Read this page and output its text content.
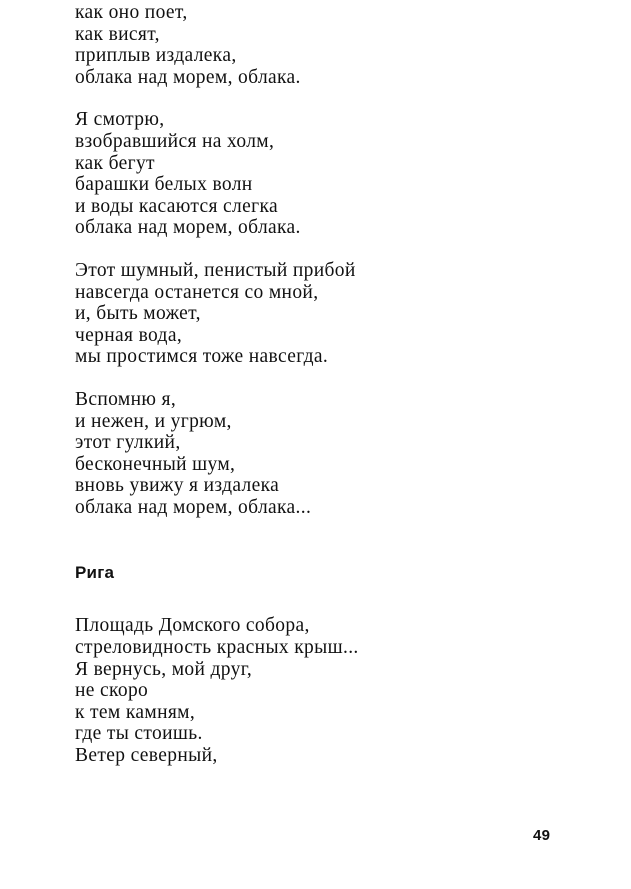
как оно поет,
как висят,
приплыв издалека,
облака над морем, облака.
Я смотрю,
взобравшийся на холм,
как бегут
барашки белых волн
и воды касаются слегка
облака над морем, облака.
Этот шумный, пенистый прибой
навсегда останется со мной,
и, быть может,
черная вода,
мы простимся тоже навсегда.
Вспомню я,
и нежен, и угрюм,
этот гулкий,
бесконечный шум,
вновь увижу я издалека
облака над морем, облака...
Рига
Площадь Домского собора,
стреловидность красных крыш...
Я вернусь, мой друг,
не скоро
к тем камням,
где ты стоишь.
Ветер северный,
49
